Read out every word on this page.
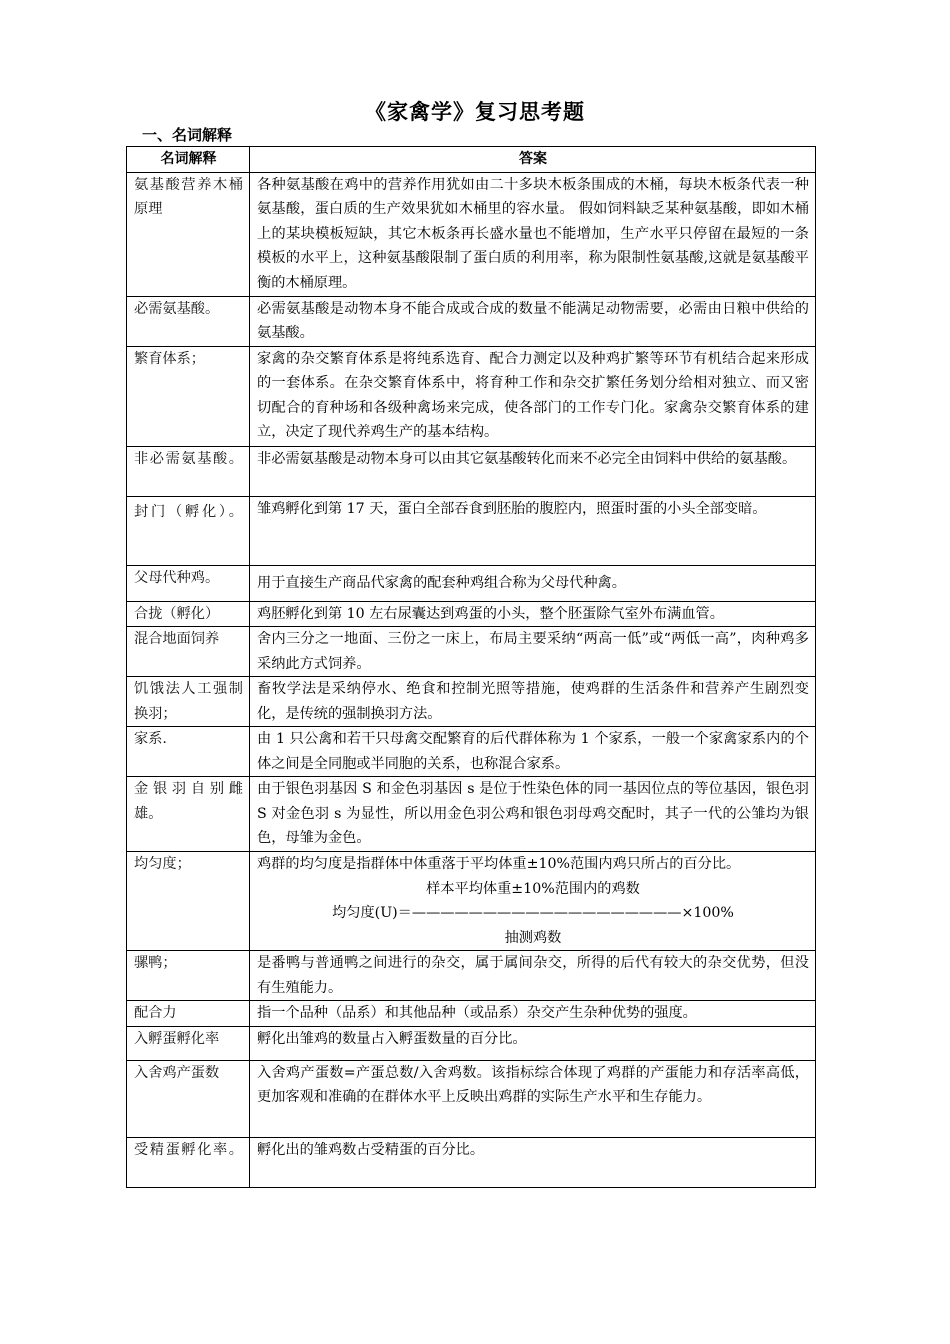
《家禽学》复习思考题
一、名词解释
名词解释	答案
氨基酸营养木桶原理	各种氨基酸在鸡中的营养作用犹如由二十多块木板条围成的木桶，每块木板条代表一种氨基酸，蛋白质的生产效果犹如木桶里的容水量。 假如饲料缺乏某种氨基酸，即如木桶上的某块模板短缺，其它木板条再长盛水量也不能增加，生产水平只停留在最短的一条模板的水平上，这种氨基酸限制了蛋白质的利用率，称为限制性氨基酸,这就是氨基酸平衡的木桶原理。
必需氨基酸。	必需氨基酸是动物本身不能合成或合成的数量不能满足动物需要，必需由日粮中供给的氨基酸。
繁育体系；	家禽的杂交繁育体系是将纯系选育、配合力测定以及种鸡扩繁等环节有机结合起来形成的一套体系。在杂交繁育体系中，将育种工作和杂交扩繁任务划分给相对独立、而又密切配合的育种场和各级种禽场来完成，使各部门的工作专门化。家禽杂交繁育体系的建立，决定了现代养鸡生产的基本结构。
非必需氨基酸。	非必需氨基酸是动物本身可以由其它氨基酸转化而来不必完全由饲料中供给的氨基酸。
封门（孵化）。	雏鸡孵化到第 17 天，蛋白全部吞食到胚胎的腹腔内，照蛋时蛋的小头全部变暗。
父母代种鸡。	用于直接生产商品代家禽的配套种鸡组合称为父母代种禽。
合拢（孵化）	鸡胚孵化到第 10 左右尿囊达到鸡蛋的小头，整个胚蛋除气室外布满血管。
混合地面饲养	舍内三分之一地面、三份之一床上，布局主要采纳“两高一低”或“两低一高”，肉种鸡多采纳此方式饲养。
饥饿法人工强制换羽；	畜牧学法是采纳停水、绝食和控制光照等措施，使鸡群的生活条件和营养产生剧烈变化，是传统的强制换羽方法。
家系.	由 1 只公禽和若干只母禽交配繁育的后代群体称为 1 个家系，一般一个家禽家系内的个体之间是全同胞或半同胞的关系，也称混合家系。
金银羽自别雌雄。	由于银色羽基因 S 和金色羽基因 s 是位于性染色体的同一基因位点的等位基因，银色羽 S 对金色羽 s 为显性，所以用金色羽公鸡和银色羽母鸡交配时，其子一代的公雏均为银色，母雏为金色。
均匀度；	鸡群的均匀度是指群体中体重落于平均体重±10%范围内鸡只所占的百分比。
样本平均体重±10%范围内的鸡数
均匀度(U)＝———————————————————×100%
抽测鸡数

骡鸭；	是番鸭与普通鸭之间进行的杂交，属于属间杂交，所得的后代有较大的杂交优势，但没有生殖能力。
配合力	指一个品种（品系）和其他品种（或品系）杂交产生杂种优势的强度。
入孵蛋孵化率	孵化出雏鸡的数量占入孵蛋数量的百分比。
入舍鸡产蛋数	入舍鸡产蛋数=产蛋总数/入舍鸡数。该指标综合体现了鸡群的产蛋能力和存活率高低，更加客观和准确的在群体水平上反映出鸡群的实际生产水平和生存能力。
受精蛋孵化率。	孵化出的雏鸡数占受精蛋的百分比。
